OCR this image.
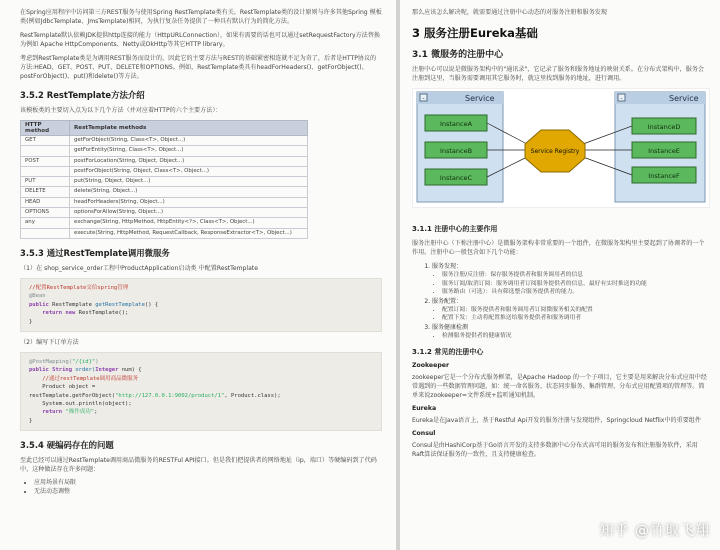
在Spring应用程序中访问第三方REST服务与使用Spring RestTemplate类有关。RestTemplate类的设计原则与许多其他Spring 模板类(例如JdbcTemplate、JmsTemplate)相同，为执行复杂任务提供了一种具有默认行为的简化方法。

RestTemplate默认依赖JDK提供http连接的能力（HttpURLConnection），如果有需要的话也可以通过setRequestFactory方法替换为例如 Apache HttpComponents、Netty或OkHttp等其它HTTP library。

考虑到RestTemplate类是为调用REST服务而设计的，因此它的主要方法与REST的基础紧密相连就不足为奇了，后者是HTTP协议的方法:HEAD、GET、POST、PUT、DELETE和OPTIONS。例如，RestTemplate类具有headForHeaders()、getForObject()、postForObject()、put()和delete()等方法。

3.5.2 RestTemplate方法介绍

该模板类的主要切入点为以下几个方法（并对应着HTTP的六个主要方法）：

HTTP method	RestTemplate methods
GET	getForObject(String, Class<T>, Object...)
	getForEntity(String, Class<T>, Object...)
POST	postForLocation(String, Object, Object...)
	postForObject(String, Object, Class<T>, Object...)
PUT	put(String, Object, Object...)
DELETE	delete(String, Object...)
HEAD	headForHeaders(String, Object...)
OPTIONS	optionsForAllow(String, Object...)
any	exchange(String, HttpMethod, HttpEntity<?>, Class<T>, Object...)
	execute(String, HttpMethod, RequestCallback, ResponseExtractor<T>, Object...)
3.5.3 通过RestTemplate调用微服务

（1）在 shop_service_order工程中ProductApplication启动类 中配置RestTemplate

//配置RestTemplate交给spring管理
@Bean
public RestTemplate getRestTemplate() {
return new RestTemplate();
}

（2）编写下订单方法

@PostMapping("/{id}")
public String order(Integer num) {
//通过restTemplate调用商品微服务
Product object =
restTemplate.getForObject("http://127.0.0.1:9002/product/1", Product.class);
System.out.println(object);
return "操作成功";
}
3.5.4 硬编码存在的问题

至此已经可以通过RestTemplate调用商品微服务的RESTFul API接口。但是我们把提供者的网络地址（ip，端口）等硬编码到了代码中，这种做法存在许多问题：

• 应用场景有局限
• 无法动态调整

那么应该怎么解决呢，就需要通过注册中心动态的对服务注册和服务发现

3 服务注册Eureka基础
3.1 微服务的注册中心

注册中心可以说是微服务架构中的"通讯录"，它记录了服务和服务地址的映射关系。在分布式架构中，服务会注册到这里，当服务需要调用其它服务时，就这里找到服务的地址，进行调用。

-	Service	-	Service
Service Registry
InstanceA
InstanceB
InstanceC
InstanceD
InstanceE
InstanceF
3.1.1 注册中心的主要作用

服务注册中心（下称注册中心）是微服务架构非常重要的一个组件，在微服务架构里主要起到了协调者的一个作用。注册中心一般包含如下几个功能：

1. 服务发现：
• 服务注册/反注册：保存服务提供者和服务调用者的信息
• 服务订阅/取消订阅：服务调用者订阅服务提供者的信息，最好有实时推送的功能
• 服务路由（可选）：具有筛选整合服务提供者的能力。
2. 服务配置：
• 配置订阅：服务提供者和服务调用者订阅微服务相关的配置
• 配置下发：主动将配置推送给服务提供者和服务调用者
3. 服务健康检测
• 检测服务提供者的健康情况
3.1.2 常见的注册中心
Zookeeper

zookeeper它是一个分布式服务框架，是Apache Hadoop 的一个子项目，它主要是用来解决分布式应用中经常遇到的一些数据管理问题，如：统一命名服务、状态同步服务、集群管理、分布式应用配置项的管理等。简单来说zookeeper=文件系统+监听通知机制。

Eureka

Eureka是在Java语言上，基于Restful Api开发的服务注册与发现组件，Springcloud Netflix中的重要组件

Consul

Consul是由HashiCorp基于Go语言开发的支持多数据中心分布式高可用的服务发布和注册服务软件，采用Raft算法保证服务的一致性，且支持健康检查。

知乎 @竹取飞翔
